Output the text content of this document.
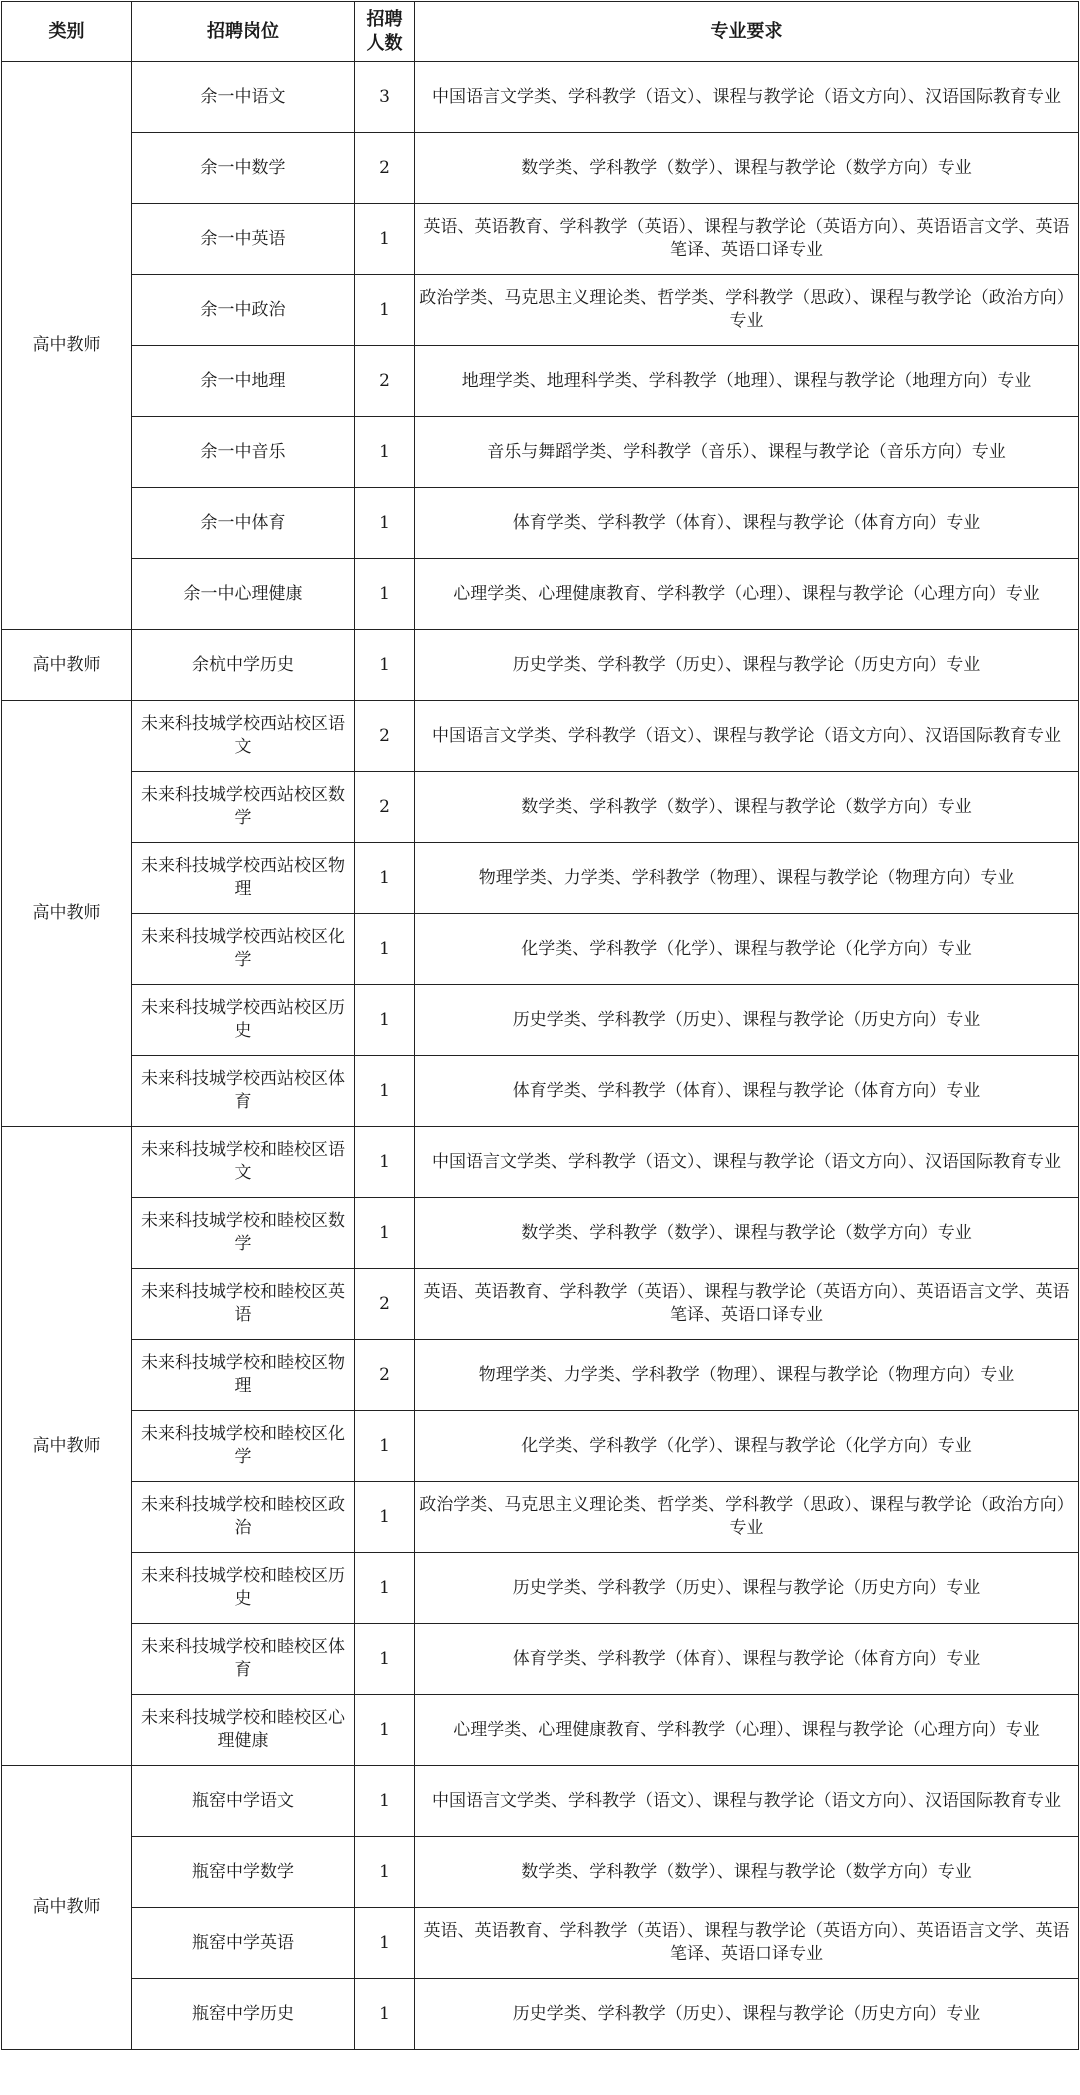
类别	招聘岗位	招聘人数	专业要求
高中教师	余一中语文	3	中国语言文学类、学科教学（语文）、课程与教学论（语文方向）、汉语国际教育专业
	余一中数学	2	数学类、学科教学（数学）、课程与教学论（数学方向）专业
	余一中英语	1	英语、英语教育、学科教学（英语）、课程与教学论（英语方向）、英语语言文学、英语笔译、英语口译专业
	余一中政治	1	政治学类、马克思主义理论类、哲学类、学科教学（思政）、课程与教学论（政治方向）专业
	余一中地理	2	地理学类、地理科学类、学科教学（地理）、课程与教学论（地理方向）专业
	余一中音乐	1	音乐与舞蹈学类、学科教学（音乐）、课程与教学论（音乐方向）专业
	余一中体育	1	体育学类、学科教学（体育）、课程与教学论（体育方向）专业
	余一中心理健康	1	心理学类、心理健康教育、学科教学（心理）、课程与教学论（心理方向）专业
高中教师	余杭中学历史	1	历史学类、学科教学（历史）、课程与教学论（历史方向）专业
高中教师	未来科技城学校西站校区语文	2	中国语言文学类、学科教学（语文）、课程与教学论（语文方向）、汉语国际教育专业
	未来科技城学校西站校区数学	2	数学类、学科教学（数学）、课程与教学论（数学方向）专业
	未来科技城学校西站校区物理	1	物理学类、力学类、学科教学（物理）、课程与教学论（物理方向）专业
	未来科技城学校西站校区化学	1	化学类、学科教学（化学）、课程与教学论（化学方向）专业
	未来科技城学校西站校区历史	1	历史学类、学科教学（历史）、课程与教学论（历史方向）专业
	未来科技城学校西站校区体育	1	体育学类、学科教学（体育）、课程与教学论（体育方向）专业
高中教师	未来科技城学校和睦校区语文	1	中国语言文学类、学科教学（语文）、课程与教学论（语文方向）、汉语国际教育专业
	未来科技城学校和睦校区数学	1	数学类、学科教学（数学）、课程与教学论（数学方向）专业
	未来科技城学校和睦校区英语	2	英语、英语教育、学科教学（英语）、课程与教学论（英语方向）、英语语言文学、英语笔译、英语口译专业
	未来科技城学校和睦校区物理	2	物理学类、力学类、学科教学（物理）、课程与教学论（物理方向）专业
	未来科技城学校和睦校区化学	1	化学类、学科教学（化学）、课程与教学论（化学方向）专业
	未来科技城学校和睦校区政治	1	政治学类、马克思主义理论类、哲学类、学科教学（思政）、课程与教学论（政治方向）专业
	未来科技城学校和睦校区历史	1	历史学类、学科教学（历史）、课程与教学论（历史方向）专业
	未来科技城学校和睦校区体育	1	体育学类、学科教学（体育）、课程与教学论（体育方向）专业
	未来科技城学校和睦校区心理健康	1	心理学类、心理健康教育、学科教学（心理）、课程与教学论（心理方向）专业
高中教师	瓶窑中学语文	1	中国语言文学类、学科教学（语文）、课程与教学论（语文方向）、汉语国际教育专业
	瓶窑中学数学	1	数学类、学科教学（数学）、课程与教学论（数学方向）专业
	瓶窑中学英语	1	英语、英语教育、学科教学（英语）、课程与教学论（英语方向）、英语语言文学、英语笔译、英语口译专业
	瓶窑中学历史	1	历史学类、学科教学（历史）、课程与教学论（历史方向）专业
